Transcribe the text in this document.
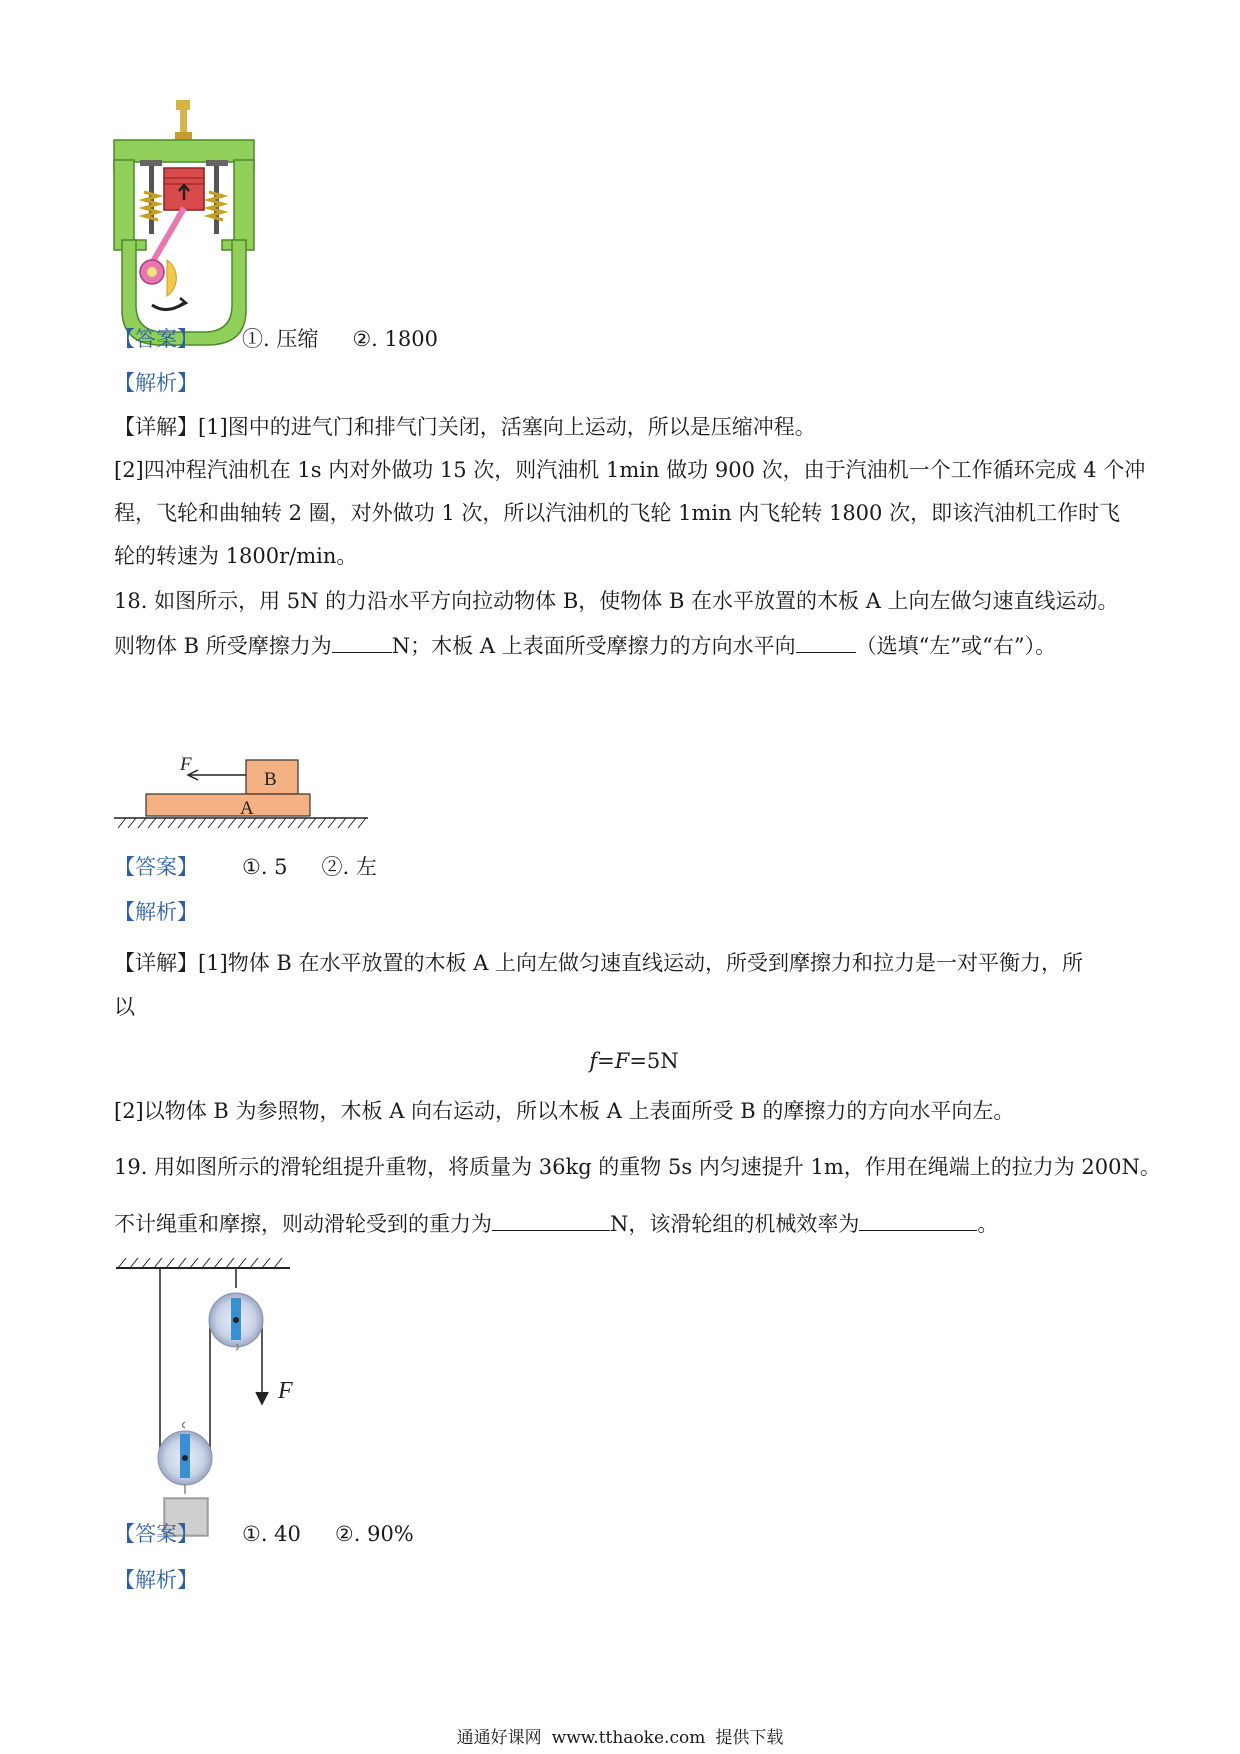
【答案】 ①. 压缩 ②. 1800
【解析】
【详解】[1]图中的进气门和排气门关闭，活塞向上运动，所以是压缩冲程。
[2]四冲程汽油机在 1s 内对外做功 15 次，则汽油机 1min 做功 900 次，由于汽油机一个工作循环完成 4 个冲
程，飞轮和曲轴转 2 圈，对外做功 1 次，所以汽油机的飞轮 1min 内飞轮转 1800 次，即该汽油机工作时飞
轮的转速为 1800r/min。
18. 如图所示，用 5N 的力沿水平方向拉动物体 B，使物体 B 在水平放置的木板 A 上向左做匀速直线运动。
则物体 B 所受摩擦力为	N；木板 A 上表面所受摩擦力的方向水平向	（选填“左”或“右”）。
F
B
A
【答案】 ①. 5 ②. 左
【解析】
【详解】[1]物体 B 在水平放置的木板 A 上向左做匀速直线运动，所受到摩擦力和拉力是一对平衡力，所
以
f=F=5N
[2]以物体 B 为参照物，木板 A 向右运动，所以木板 A 上表面所受 B 的摩擦力的方向水平向左。
19. 用如图所示的滑轮组提升重物，将质量为 36kg 的重物 5s 内匀速提升 1m，作用在绳端上的拉力为 200N。
不计绳重和摩擦，则动滑轮受到的重力为	N，该滑轮组的机械效率为	。
F
【答案】 ①. 40 ②. 90%
【解析】
通通好课网 www.tthaoke.com 提供下载
